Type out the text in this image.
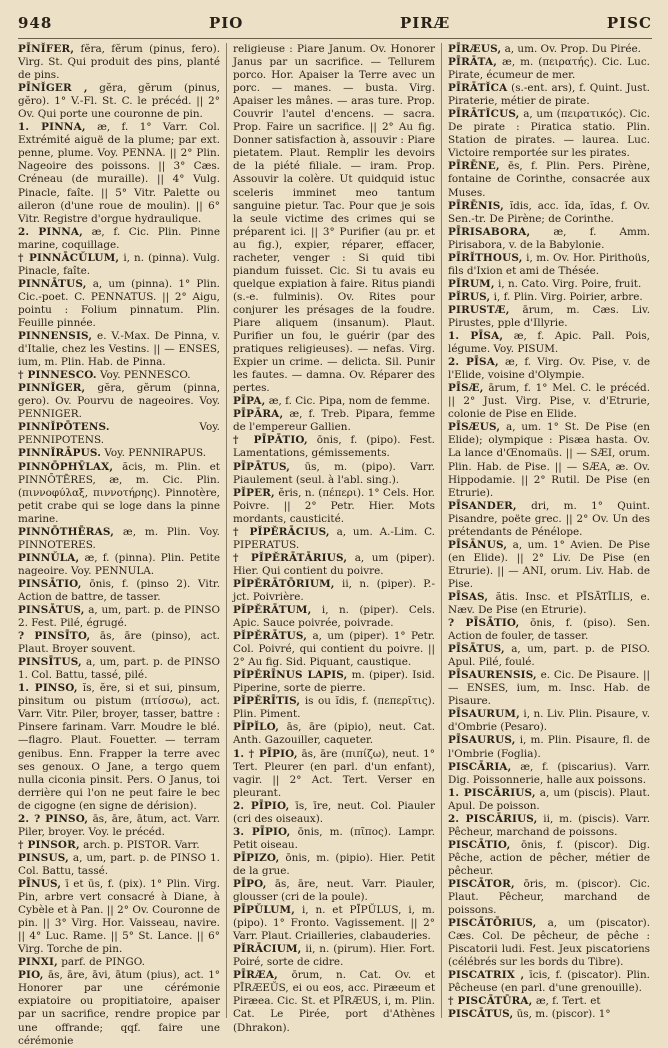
948	PIO	PIRÆ	PISC

PĪNĬFER, fĕra, fĕrum (pinus, fero). Virg. St. Qui produit des pins, planté de pins.

PĪNĬGER , gĕra, gĕrum (pinus, gĕro). 1° V.-Fl. St. C. le précéd. || 2° Ov. Qui porte une couronne de pin.

1. PINNA, æ, f. 1° Varr. Col. Extrémité aiguë de la plume; par ext. penne, plume. Voy. PENNA. || 2° Plin. Nageoire des poissons. || 3° Cæs. Créneau (de muraille). || 4° Vulg. Pinacle, faîte. || 5° Vitr. Palette ou aileron (d'une roue de moulin). || 6° Vitr. Registre d'orgue hydraulique.

2. PINNA, æ, f. Cic. Plin. Pinne marine, coquillage.

† PINNĀCŬLUM, i, n. (pinna). Vulg. Pinacle, faîte.

PINNĀTUS, a, um (pinna). 1° Plin. Cic.-poet. C. PENNATUS. || 2° Aigu, pointu : Folium pinnatum. Plin. Feuille pinnée.

PINNENSIS, e. V.-Max. De Pinna, v. d'Italie, chez les Vestins. || — ENSES, ium, m. Plin. Hab. de Pinna.

† PINNESCO. Voy. PENNESCO.

PINNĬGER, gĕra, gĕrum (pinna, gero). Ov. Pourvu de nageoires. Voy. PENNIGER.

PINNĬPŌTENS.	Voy. PENNIPOTENS.

PINNĬRĀPUS. Voy. PENNIRAPUS.

PINNŌPHȲLAX, ăcis, m. Plin. et PINNŌTĒRES, æ, m. Cic. Plin. (πιννοφύλαξ, πιννοτήρης). Pinnotère, petit crabe qui se loge dans la pinne marine.

PINNŌTHĒRAS, æ, m. Plin. Voy. PINNOTERES.

PINNŬLA, æ, f. (pinna). Plin. Petite nageoire. Voy. PENNULA.

PINSĀTIO, ōnis, f. (pinso 2). Vitr. Action de battre, de tasser.

PINSĀTUS, a, um, part. p. de PINSO 2. Fest. Pilé, égrugé.

? PINSĪTO, ās, āre (pinso), act. Plaut. Broyer souvent.

PINSĪTUS, a, um, part. p. de PINSO 1. Col. Battu, tassé, pilé.

1. PINSO, ĭs, ĕre, si et sui, pinsum, pinsitum ou pistum (πτίσσω), act. Varr. Vitr. Piler, broyer, tasser, battre : Pinsere farinam. Varr. Moudre le blé. —flagro. Plaut. Fouetter. — terram genibus. Enn. Frapper la terre avec ses genoux. O Jane, a tergo quem nulla ciconia pinsit. Pers. O Janus, toi derrière qui l'on ne peut faire le bec de cigogne (en signe de dérision).

2. ? PINSO, ās, āre, ātum, act. Varr. Piler, broyer. Voy. le précéd.

† PINSOR, arch. p. PISTOR. Varr.

PINSUS, a, um, part. p. de PINSO 1. Col. Battu, tassé.

PĪNUS, ī et ūs, f. (pix). 1° Plin. Virg. Pin, arbre vert consacré à Diane, à Cybèle et à Pan. || 2° Ov. Couronne de pin. || 3° Virg. Hor. Vaisseau, navire. || 4° Luc. Rame. || 5° St. Lance. || 6° Virg. Torche de pin.

PINXI, parf. de PINGO.

PIO, ās, āre, āvi, ātum (pius), act. 1° Honorer par une cérémonie expiatoire ou propitiatoire, apaiser par un sacrifice, rendre propice par une offrande; qqf. faire une cérémonie

religieuse : Piare Janum. Ov. Honorer Janus par un sacrifice. — Tellurem porco. Hor. Apaiser la Terre avec un porc. — manes. — busta. Virg. Apaiser les mânes. — aras ture. Prop. Couvrir l'autel d'encens. — sacra. Prop. Faire un sacrifice. || 2° Au fig. Donner satisfaction à, assouvir : Piare pietatem. Plaut. Remplir les devoirs de la piété filiale. — iram. Prop. Assouvir la colère. Ut quidquid istuc sceleris imminet meo tantum sanguine pietur. Tac. Pour que je sois la seule victime des crimes qui se préparent ici. || 3° Purifier (au pr. et au fig.), expier, réparer, effacer, racheter, venger : Si quid tibi piandum fuisset. Cic. Si tu avais eu quelque expiation à faire. Ritus piandi (s.-e. fulminis). Ov. Rites pour conjurer les présages de la foudre. Piare aliquem (insanum). Plaut. Purifier un fou, le guérir (par des pratiques religieuses). — nefas. Virg. Expier un crime. — delicta. Sil. Punir les fautes. — damna. Ov. Réparer des pertes.

PĪPA, æ, f. Cic. Pipa, nom de femme.

PĪPĀRA, æ, f. Treb. Pipara, femme de l'empereur Gallien.

† PĪPĀTIO, ōnis, f. (pipo). Fest. Lamentations, gémissements.

PĪPĀTUS, ūs, m. (pipo). Varr. Piaulement (seul. à l'abl. sing.).

PĬPER, ĕris, n. (πέπερι). 1° Cels. Hor. Poivre. || 2° Petr. Hier. Mots mordants, causticité.

† PĬPĔRĀCIUS, a, um. A.-Lim. C. PIPERATUS.

† PĬPĔRĀTĀRIUS, a, um (piper). Hier. Qui contient du poivre.

PĬPĔRĀTŌRIUM, ii, n. (piper). P.-jct. Poivrière.

PĬPĔRĀTUM, i, n. (piper). Cels. Apic. Sauce poivrée, poivrade.

PĬPĔRĀTUS, a, um (piper). 1° Petr. Col. Poivré, qui contient du poivre. || 2° Au fig. Sid. Piquant, caustique.

PĬPĔRĪNUS LAPIS, m. (piper). Isid. Piperine, sorte de pierre.

PĬPĔRĪTIS, is ou ĭdis, f. (πεπερῖτις). Plin. Piment.

PĪPĬLO, ās, āre (pipio), neut. Cat. Anth. Gazouiller, caqueter.

1. † PĪPIO, ās, āre (πιπίζω), neut. 1° Tert. Pleurer (en parl. d'un enfant), vagir. || 2° Act. Tert. Verser en pleurant.

2. PĪPIO, īs, īre, neut. Col. Piauler (cri des oiseaux).

3. PĪPIO, ōnis, m. (πῖπος). Lampr. Petit oiseau.

PĪPIZO, ōnis, m. (pipio). Hier. Petit de la grue.

PĪPO, ās, āre, neut. Varr. Piauler, glousser (cri de la poule).

PĪPŬLUM, i, n. et PĪPŬLUS, i, m. (pipo). 1° Fronto. Vagissement. || 2° Varr. Plaut. Criailleries, clabauderies.

PĬRĀCIUM, ii, n. (pirum). Hier. Fort. Poiré, sorte de cidre.

PĪRÆA, ōrum, n. Cat. Ov. et PĪRÆEŬS, ei ou eos, acc. Piræeum et Piræea. Cic. St. et PĪRÆUS, i, m. Plin. Cat. Le Pirée, port d'Athènes (Dhrakon).

PĪRÆUS, a, um. Ov. Prop. Du Pirée.

PĪRĀTA, æ, m. (πειρατής). Cic. Luc. Pirate, écumeur de mer.

PĪRĀTĬCA (s.-ent. ars), f. Quint. Just. Piraterie, métier de pirate.

PĪRĀTĬCUS, a, um (πειρατικός). Cic. De pirate : Piratica statio. Plin. Station de pirates. — laurea. Luc. Victoire remportée sur les pirates.

PĪRĒNE, ēs, f. Plin. Pers. Pirène, fontaine de Corinthe, consacrée aux Muses.

PĪRĒNIS, ĭdis, acc. ĭda, ĭdas, f. Ov. Sen.-tr. De Pirène; de Corinthe.

PĪRISABORA, æ, f. Amm. Pirisabora, v. de la Babylonie.

PĪRĬTHOUS, i, m. Ov. Hor. Pirithoüs, fils d'Ixion et ami de Thésée.

PĬRUM, i, n. Cato. Virg. Poire, fruit.

PĬRUS, i, f. Plin. Virg. Poirier, arbre.

PIRUSTÆ, ārum, m. Cæs. Liv. Pirustes, pple d'Illyrie.

1. PĪSA, æ, f. Apic. Pall. Pois, légume. Voy. PISUM.

2. PĪSA, æ, f. Virg. Ov. Pise, v. de l'Elide, voisine d'Olympie.

PĪSÆ, ārum, f. 1° Mel. C. le précéd. || 2° Just. Virg. Pise, v. d'Etrurie, colonie de Pise en Elide.

PĪSÆUS, a, um. 1° St. De Pise (en Elide); olympique : Pisæa hasta. Ov. La lance d'Œnomaüs. || — SÆI, orum. Plin. Hab. de Pise. || — SÆA, æ. Ov. Hippodamie. || 2° Rutil. De Pise (en Etrurie).

PĪSANDER, dri, m. 1° Quint. Pisandre, poëte grec. || 2° Ov. Un des prétendants de Pénélope.

PĪSĀNUS, a, um. 1° Avien. De Pise (en Elide). || 2° Liv. De Pise (en Etrurie). || — ANI, orum. Liv. Hab. de Pise.

PĪSAS, ătis. Insc. et PĪSĀTĪLIS, e. Næv. De Pise (en Etrurie).

? PĪSĀTIO, ōnis, f. (piso). Sen. Action de fouler, de tasser.

PĪSĀTUS, a, um, part. p. de PISO. Apul. Pilé, foulé.

PĪSAURENSIS, e. Cic. De Pisaure. || — ENSES, ium, m. Insc. Hab. de Pisaure.

PĪSAURUM, i, n. Liv. Plin. Pisaure, v. d'Ombrie (Pesaro).

PĪSAURUS, i, m. Plin. Pisaure, fl. de l'Ombrie (Foglia).

PISCĀRIA, æ, f. (piscarius). Varr. Dig. Poissonnerie, halle aux poissons.

1. PISCĀRIUS, a, um (piscis). Plaut. Apul. De poisson.

2. PISCĀRIUS, ii, m. (piscis). Varr. Pêcheur, marchand de poissons.

PISCĀTIO, ōnis, f. (piscor). Dig. Pêche, action de pêcher, métier de pêcheur.

PISCĀTOR, ōris, m. (piscor). Cic. Plaut. Pêcheur, marchand de poissons.

PISCĀTŌRIUS, a, um (piscator). Cæs. Col. De pêcheur, de pêche : Piscatorii ludi. Fest. Jeux piscatoriens (célébrés sur les bords du Tibre).

PISCATRIX , īcis, f. (piscator). Plin. Pêcheuse (en parl. d'une grenouille).

† PISCĀTŪRA, æ, f. Tert. et

PISCĀTUS, ūs, m. (piscor). 1°
